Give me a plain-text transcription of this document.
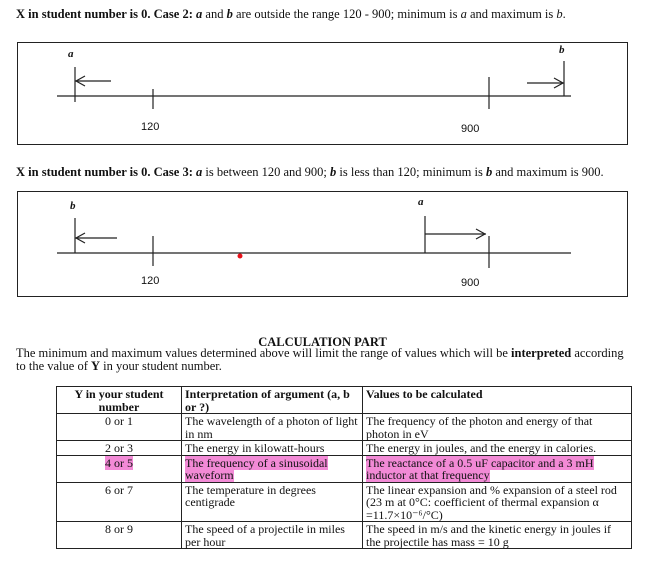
X in student number is 0. Case 2: a and b are outside the range 120 - 900; minimum is a and maximum is b.
a	b
120	900
X in student number is 0. Case 3: a is between 120 and 900; b is less than 120; minimum is b and maximum is 900.
b	a
120	900
CALCULATION PART
The minimum and maximum values determined above will limit the range of values which will be interpreted according to the value of Y in your student number.
Y in your student number	Interpretation of argument (a, b or ?)	Values to be calculated
0 or 1	The wavelength of a photon of light in nm	The frequency of the photon and energy of that photon in eV
2 or 3	The energy in kilowatt-hours	The energy in joules, and the energy in calories.
4 or 5	The frequency of a sinusoidal waveform	The reactance of a 0.5 uF capacitor and a 3 mH inductor at that frequency
6 or 7	The temperature in degrees centigrade	The linear expansion and % expansion of a steel rod (23 m at 0°C: coefficient of thermal expansion α =11.7×10⁻⁶/°C)
8 or 9	The speed of a projectile in miles per hour	The speed in m/s and the kinetic energy in joules if the projectile has mass = 10 g
